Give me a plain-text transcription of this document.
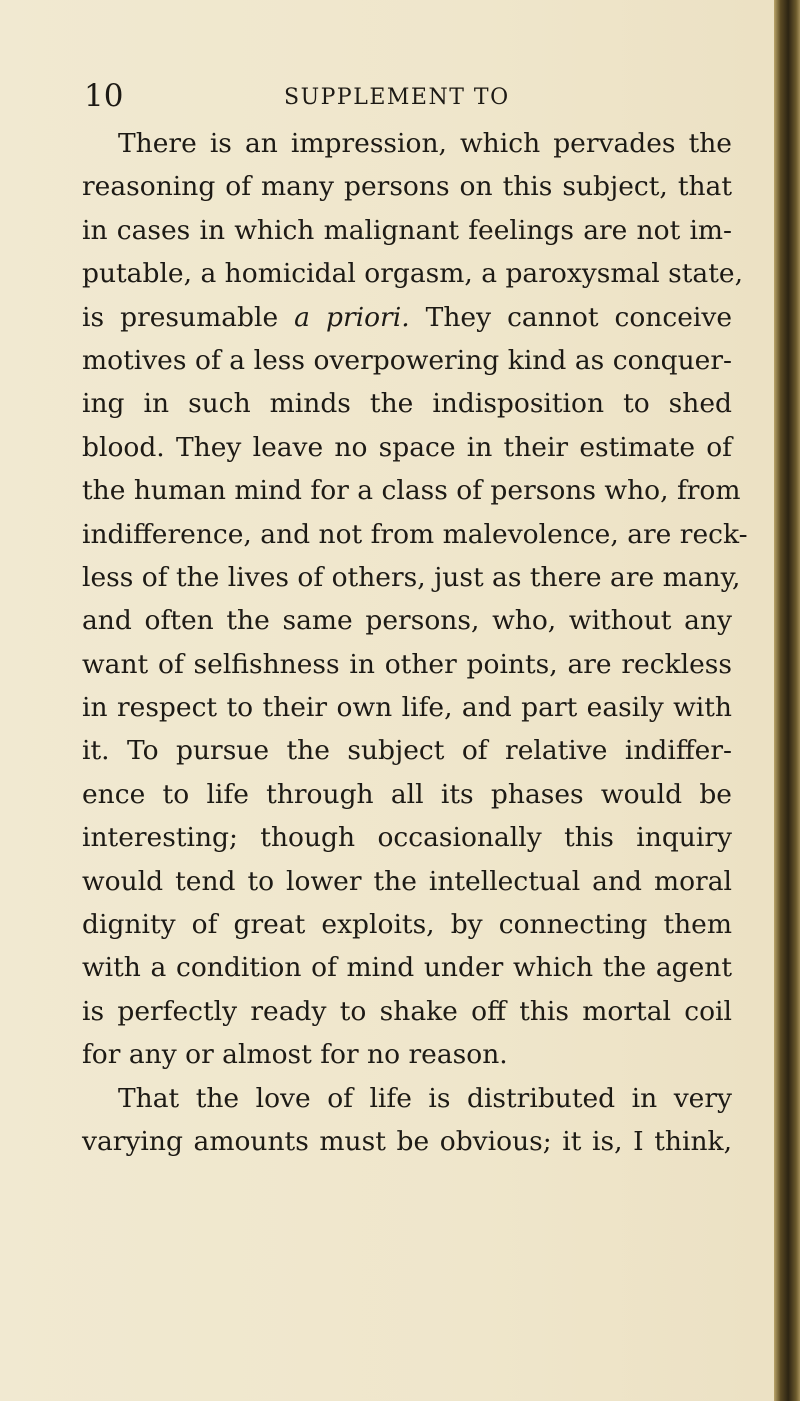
10	SUPPLEMENT TO
There is an impression, which pervades the
reasoning of many persons on this subject, that
in cases in which malignant feelings are not im-
putable, a homicidal orgasm, a paroxysmal state,
is presumable a priori. They cannot conceive
motives of a less overpowering kind as conquer-
ing in such minds the indisposition to shed
blood. They leave no space in their estimate of
the human mind for a class of persons who, from
indifference, and not from malevolence, are reck-
less of the lives of others, just as there are many,
and often the same persons, who, without any
want of selfishness in other points, are reckless
in respect to their own life, and part easily with
it. To pursue the subject of relative indiffer-
ence to life through all its phases would be
interesting; though occasionally this inquiry
would tend to lower the intellectual and moral
dignity of great exploits, by connecting them
with a condition of mind under which the agent
is perfectly ready to shake off this mortal coil
for any or almost for no reason.
That the love of life is distributed in very
varying amounts must be obvious; it is, I think,
